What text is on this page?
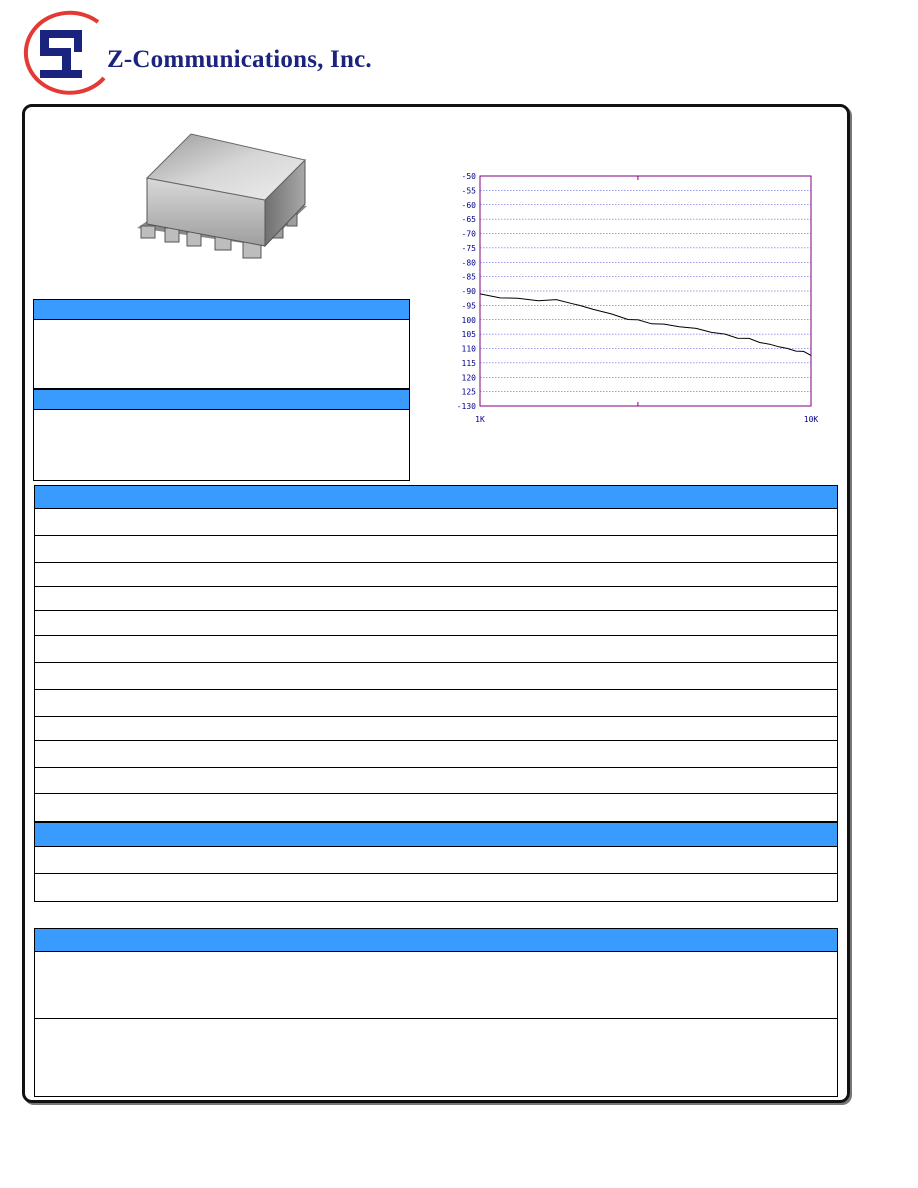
Z-Communications, Inc.
-50
-55
-60
-65
-70
-75
-80
-85
-90
-95
100
105
110
115
120
125
-130
1K	10K
